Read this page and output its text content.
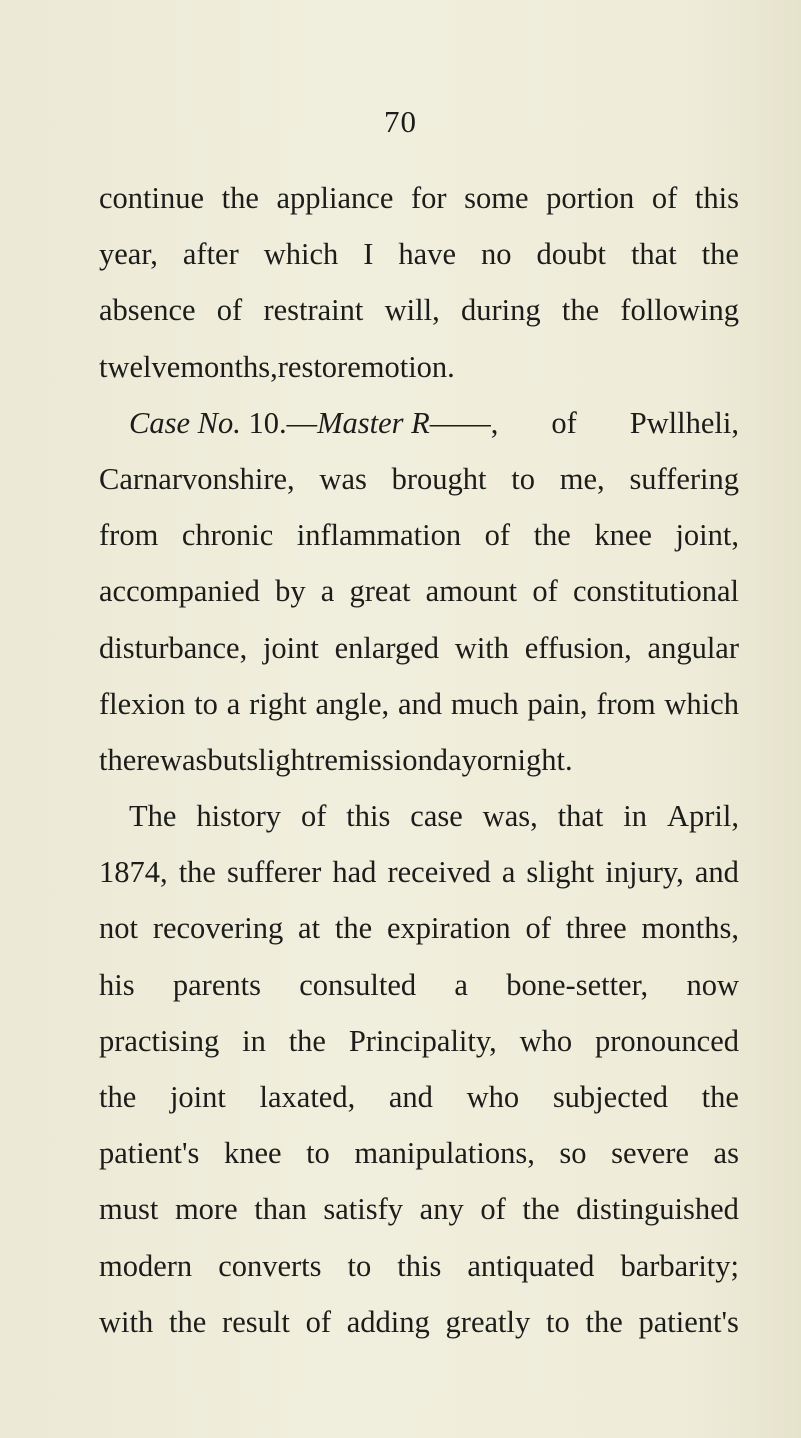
70
continue the appliance for some portion of this
year, after which I have no doubt that the
absence of restraint will, during the following
twelve months, restore motion.
Case No. 10.—Master R——, of Pwllheli,
Carnarvonshire, was brought to me, suffering
from chronic inflammation of the knee joint,
accompanied by a great amount of constitutional
disturbance, joint enlarged with effusion, angular
flexion to a right angle, and much pain, from which
there was but slight remission day or night.
The history of this case was, that in April,
1874, the sufferer had received a slight injury, and
not recovering at the expiration of three months,
his parents consulted a bone-setter, now
practising in the Principality, who pronounced
the joint laxated, and who subjected the
patient's knee to manipulations, so severe as
must more than satisfy any of the distinguished
modern converts to this antiquated barbarity;
with the result of adding greatly to the patient's
